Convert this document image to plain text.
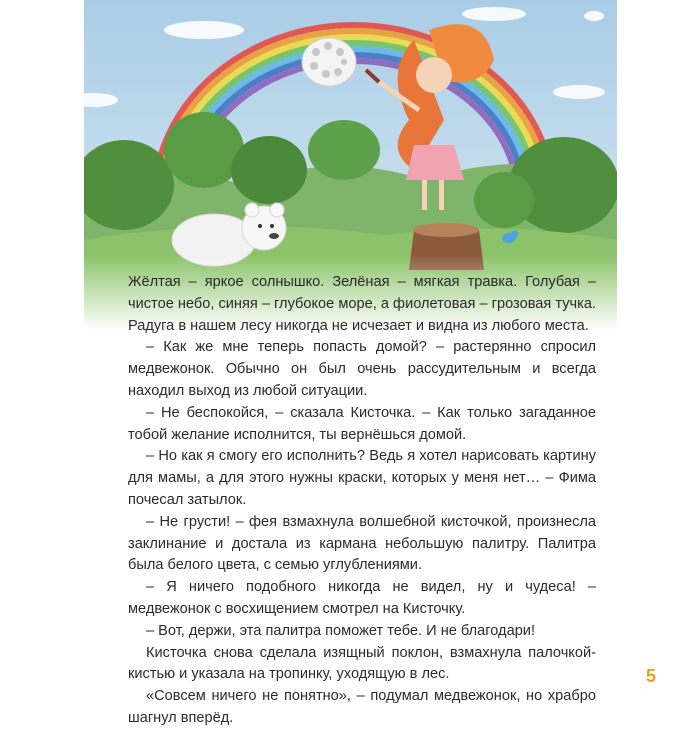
Жёлтая – яркое солнышко. Зелёная – мягкая травка. Голубая – чистое небо, синяя – глубокое море, а фиолетовая – грозовая тучка. Радуга в нашем лесу никогда не исчезает и видна из любого места.

– Как же мне теперь попасть домой? – растерянно спросил медвежонок. Обычно он был очень рассудительным и всегда находил выход из любой ситуации.

– Не беспокойся, – сказала Кисточка. – Как только загаданное тобой желание исполнится, ты вернёшься домой.

– Но как я смогу его исполнить? Ведь я хотел нарисовать картину для мамы, а для этого нужны краски, которых у меня нет… – Фима почесал затылок.

– Не грусти! – фея взмахнула волшебной кисточкой, произнесла заклинание и достала из кармана небольшую палитру. Палитра была белого цвета, с семью углублениями.

– Я ничего подобного никогда не видел, ну и чудеса! – медвежонок с восхищением смотрел на Кисточку.

– Вот, держи, эта палитра поможет тебе. И не благодари!

Кисточка снова сделала изящный поклон, взмахнула палочкой-кистью и указала на тропинку, уходящую в лес.

«Совсем ничего не понятно», – подумал медвежонок, но храбро шагнул вперёд.

5
